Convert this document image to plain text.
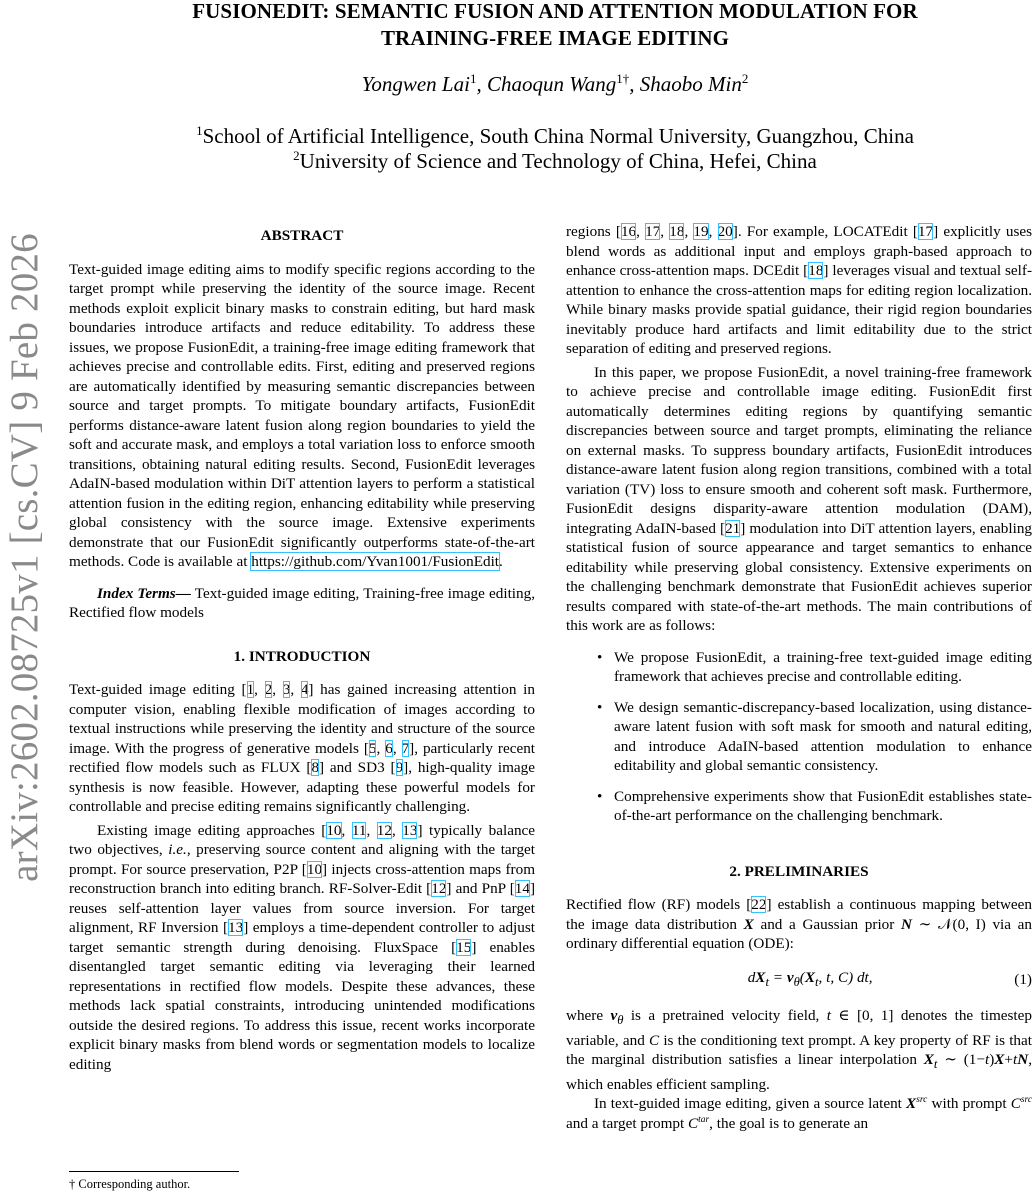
arXiv:2602.08725v1 [cs.CV] 9 Feb 2026
FUSIONEDIT: SEMANTIC FUSION AND ATTENTION MODULATION FOR
TRAINING-FREE IMAGE EDITING
Yongwen Lai$^1$, Chaoqun Wang$^{1\dagger}$, Shaobo Min$^2$
$^1$School of Artificial Intelligence, South China Normal University, Guangzhou, China
$^2$University of Science and Technology of China, Hefei, China
ABSTRACT

Text-guided image editing aims to modify specific regions according to the target prompt while preserving the identity of the source image. Recent methods exploit explicit binary masks to constrain editing, but hard mask boundaries introduce artifacts and reduce editability. To address these issues, we propose FusionEdit, a training-free image editing framework that achieves precise and controllable edits. First, editing and preserved regions are automatically identified by measuring semantic discrepancies between source and target prompts. To mitigate boundary artifacts, FusionEdit performs distance-aware latent fusion along region boundaries to yield the soft and accurate mask, and employs a total variation loss to enforce smooth transitions, obtaining natural editing results. Second, FusionEdit leverages AdaIN-based modulation within DiT attention layers to perform a statistical attention fusion in the editing region, enhancing editability while preserving global consistency with the source image. Extensive experiments demonstrate that our FusionEdit significantly outperforms state-of-the-art methods. Code is available at https://github.com/Yvan1001/FusionEdit.

Index Terms— Text-guided image editing, Training-free image editing, Rectified flow models

1. INTRODUCTION

Text-guided image editing [1, 2, 3, 4] has gained increasing attention in computer vision, enabling flexible modification of images according to textual instructions while preserving the identity and structure of the source image. With the progress of generative models [5, 6, 7], particularly recent rectified flow models such as FLUX [8] and SD3 [9], high-quality image synthesis is now feasible. However, adapting these powerful models for controllable and precise editing remains significantly challenging.

Existing image editing approaches [10, 11, 12, 13] typically balance two objectives, i.e., preserving source content and aligning with the target prompt. For source preservation, P2P [10] injects cross-attention maps from reconstruction branch into editing branch. RF-Solver-Edit [12] and PnP [14] reuses self-attention layer values from source inversion. For target alignment, RF Inversion [13] employs a time-dependent controller to adjust target semantic strength during denoising. FluxSpace [15] enables disentangled target semantic editing via leveraging their learned representations in rectified flow models. Despite these advances, these methods lack spatial constraints, introducing unintended modifications outside the desired regions. To address this issue, recent works incorporate explicit binary masks from blend words or segmentation models to localize editing

regions [16, 17, 18, 19, 20]. For example, LOCATEdit [17] explicitly uses blend words as additional input and employs graph-based approach to enhance cross-attention maps. DCEdit [18] leverages visual and textual self-attention to enhance the cross-attention maps for editing region localization. While binary masks provide spatial guidance, their rigid region boundaries inevitably produce hard artifacts and limit editability due to the strict separation of editing and preserved regions.

In this paper, we propose FusionEdit, a novel training-free framework to achieve precise and controllable image editing. FusionEdit first automatically determines editing regions by quantifying semantic discrepancies between source and target prompts, eliminating the reliance on external masks. To suppress boundary artifacts, FusionEdit introduces distance-aware latent fusion along region transitions, combined with a total variation (TV) loss to ensure smooth and coherent soft mask. Furthermore, FusionEdit designs disparity-aware attention modulation (DAM), integrating AdaIN-based [21] modulation into DiT attention layers, enabling statistical fusion of source appearance and target semantics to enhance editability while preserving global consistency. Extensive experiments on the challenging benchmark demonstrate that FusionEdit achieves superior results compared with state-of-the-art methods. The main contributions of this work are as follows:

• We propose FusionEdit, a training-free text-guided image editing framework that achieves precise and controllable editing.
• We design semantic-discrepancy-based localization, using distance-aware latent fusion with soft mask for smooth and natural editing, and introduce AdaIN-based attention modulation to enhance editability and global semantic consistency.
• Comprehensive experiments show that FusionEdit establishes state-of-the-art performance on the challenging benchmark.
2. PRELIMINARIES

Rectified flow (RF) models [22] establish a continuous mapping between the image data distribution X and a Gaussian prior N ∼ 𝒩(0, I) via an ordinary differential equation (ODE):

$dX_t = v_\theta(X_t$, t, C) dt,	(1)

where $v_\theta$ is a pretrained velocity field, t ∈ [0, 1] denotes the timestep variable, and C is the conditioning text prompt. A key property of RF is that the marginal distribution satisfies a linear interpolation $X_t$ ∼ (1−t)X+tN, which enables efficient sampling.

In text-guided image editing, given a source latent $X^{src}$ with prompt $C^{src}$ and a target prompt $C^{tar}$, the goal is to generate an

† Corresponding author.
